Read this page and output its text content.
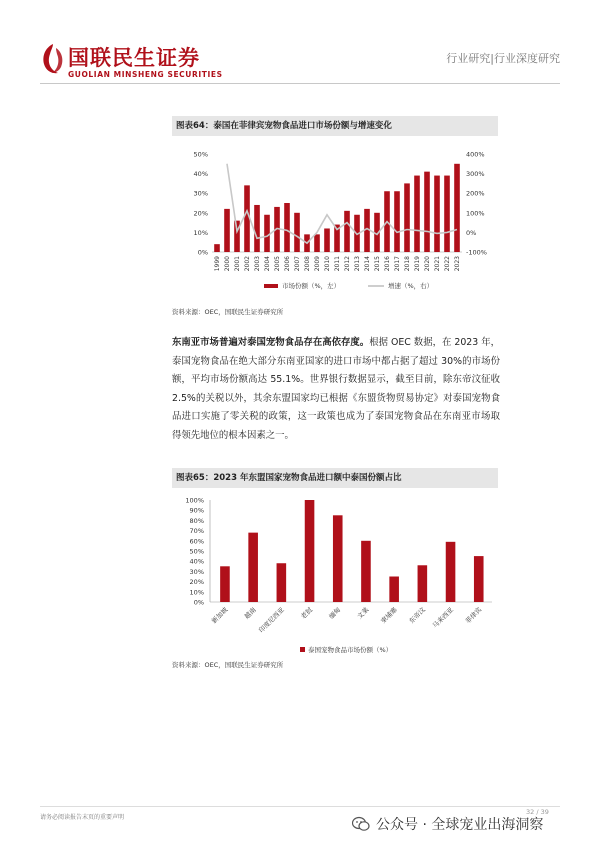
国联民生证券
GUOLIAN MINSHENG SECURITIES
行业研究|行业深度研究
图表64：泰国在菲律宾宠物食品进口市场份额与增速变化
50%
40%
30%
20%
10%
0%
400%
300%
200%
100%
0%
-100%
1999 2000 2001 2002 2003 2004 2005 2006 2007 2008 2009 2010 2011 2012 2013 2014 2015 2016 2017 2018 2019 2020 2021 2022 2023
市场份额（%，左）	增速（%，右）
资料来源：OEC，国联民生证券研究所
东南亚市场普遍对泰国宠物食品存在高依存度。根据 OEC 数据，在 2023 年，泰国宠物食品在绝大部分东南亚国家的进口市场中都占据了超过 30%的市场份额，平均市场份额高达 55.1%。世界银行数据显示，截至目前，除东帝汶征收 2.5%的关税以外，其余东盟国家均已根据《东盟货物贸易协定》对泰国宠物食品进口实施了零关税的政策，这一政策也成为了泰国宠物食品在东南亚市场取得领先地位的根本因素之一。
图表65：2023 年东盟国家宠物食品进口额中泰国份额占比
100%
90%
80%
70%
60%
50%
40%
30%
20%
10%
0%
新加坡 越南 印度尼西亚 老挝 缅甸 文莱 柬埔寨 东帝汶 马来西亚 菲律宾
泰国宠物食品市场份额（%）
资料来源：OEC，国联民生证券研究所
请务必阅读报告末页的重要声明
32 / 39
公众号 · 全球宠业出海洞察
